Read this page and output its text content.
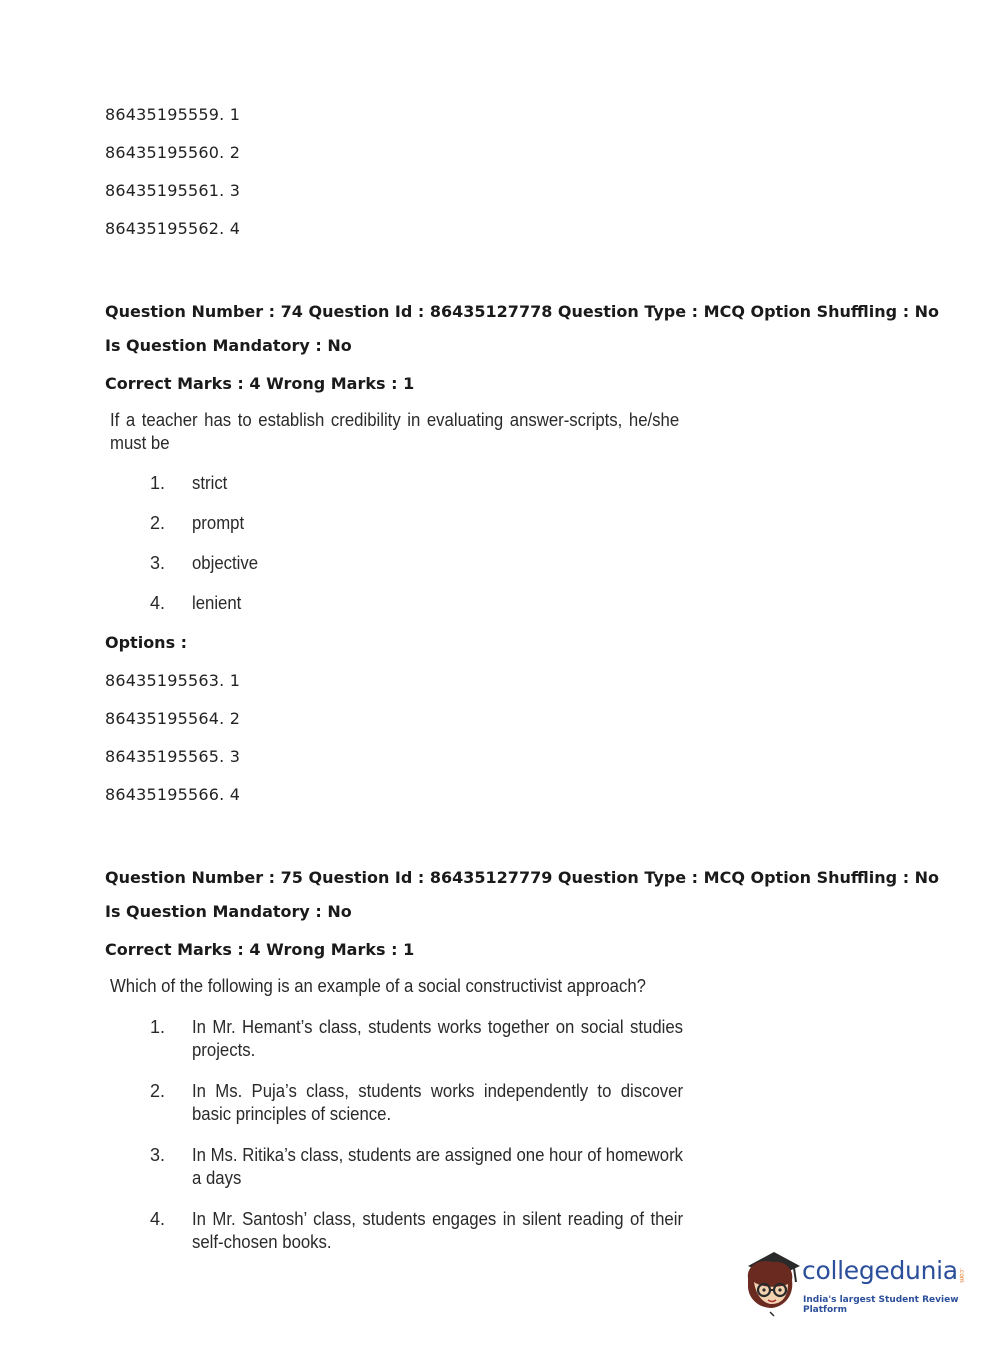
86435195559. 1
86435195560. 2
86435195561. 3
86435195562. 4
Question Number : 74 Question Id : 86435127778 Question Type : MCQ Option Shuffling : No
Is Question Mandatory : No
Correct Marks : 4 Wrong Marks : 1
If a teacher has to establish credibility in evaluating answer-scripts, he/she must be
1.	strict
2.	prompt
3.	objective
4.	lenient
Options :
86435195563. 1
86435195564. 2
86435195565. 3
86435195566. 4
Question Number : 75 Question Id : 86435127779 Question Type : MCQ Option Shuffling : No
Is Question Mandatory : No
Correct Marks : 4 Wrong Marks : 1
Which of the following is an example of a social constructivist approach?
1.	In Mr. Hemant’s class, students works together on social studies projects.
2.	In Ms. Puja’s class, students works independently to discover basic principles of science.
3.	In Ms. Ritika’s class, students are assigned one hour of homework a days
4.	In Mr. Santosh’ class, students engages in silent reading of their self-chosen books.
collegedunia .com
India's largest Student Review Platform
